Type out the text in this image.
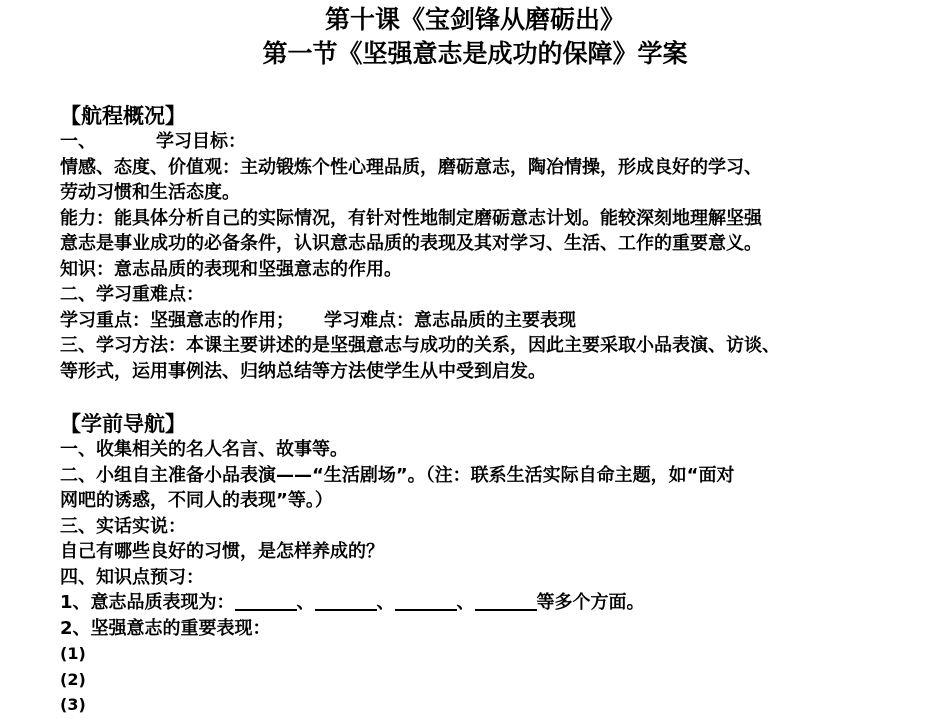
第十课《宝剑锋从磨砺出》
第一节《坚强意志是成功的保障》学案
【航程概况】
一、	学习目标：
情感、态度、价值观：主动锻炼个性心理品质，磨砺意志，陶冶情操，形成良好的学习、
劳动习惯和生活态度。
能力：能具体分析自己的实际情况，有针对性地制定磨砺意志计划。能较深刻地理解坚强
意志是事业成功的必备条件，认识意志品质的表现及其对学习、生活、工作的重要意义。
知识：意志品质的表现和坚强意志的作用。
二、学习重难点：
学习重点：坚强意志的作用； 学习难点：意志品质的主要表现
三、学习方法：本课主要讲述的是坚强意志与成功的关系，因此主要采取小品表演、访谈、
等形式，运用事例法、归纳总结等方法使学生从中受到启发。
【学前导航】
一、收集相关的名人名言、故事等。
二、小组自主准备小品表演——“生活剧场”。（注：联系生活实际自命主题，如“面对
网吧的诱惑，不同人的表现”等。）
三、实话实说：
自己有哪些良好的习惯，是怎样养成的？
四、知识点预习：
1、意志品质表现为：	、	、	、	等多个方面。
2、坚强意志的重要表现：
(1)
(2)
(3)
